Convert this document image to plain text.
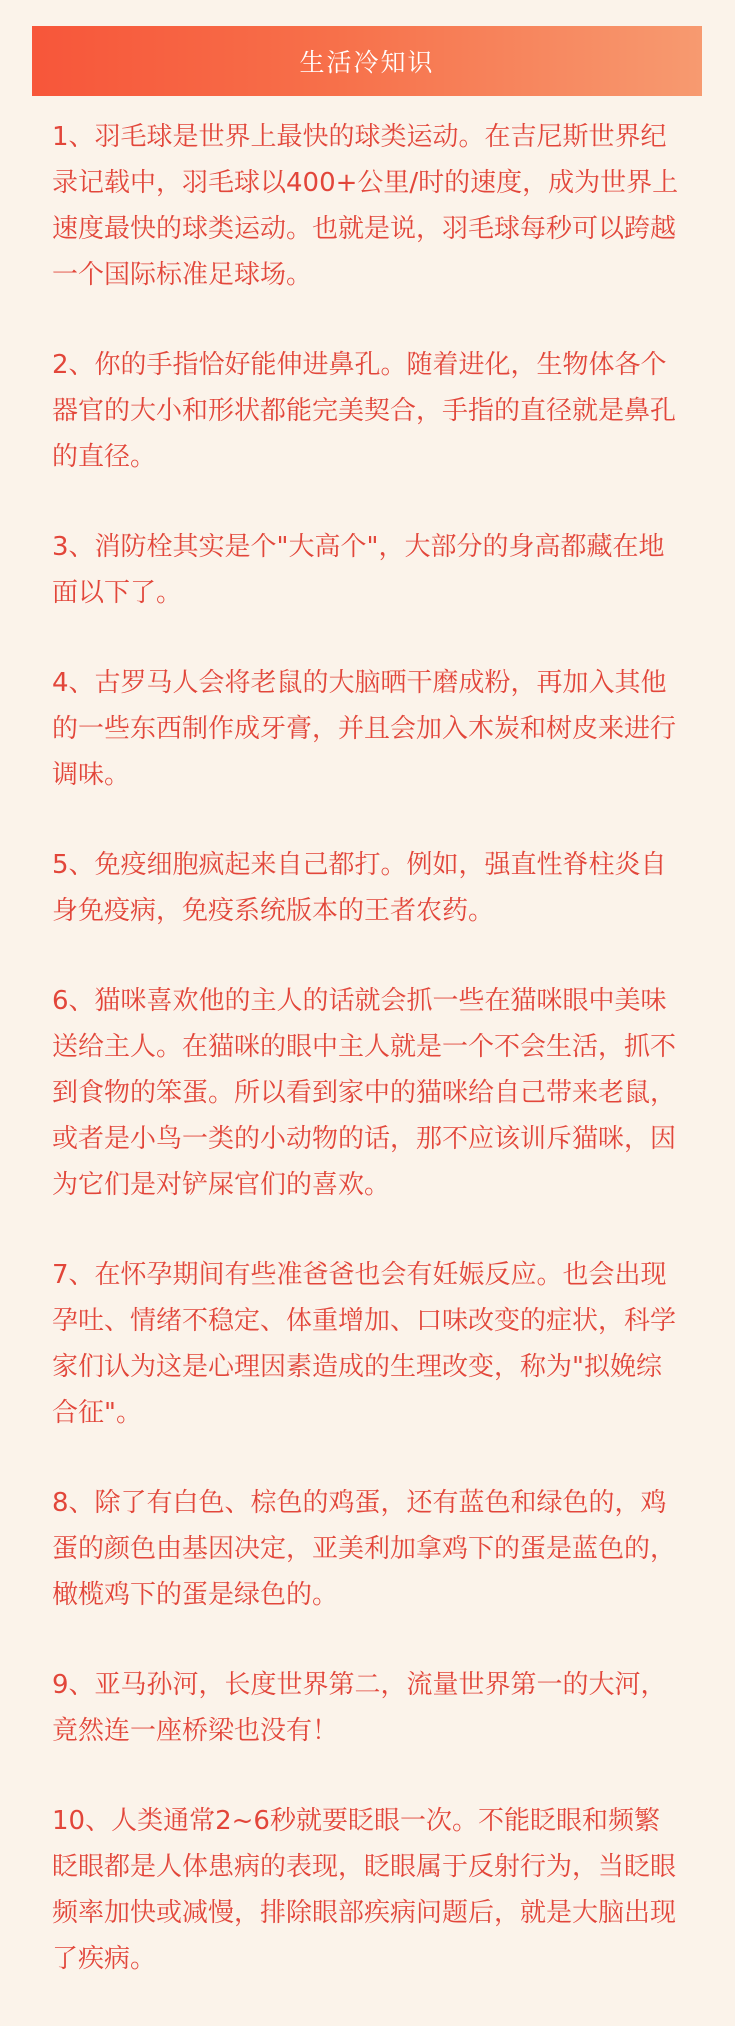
生活冷知识

1、羽毛球是世界上最快的球类运动。在吉尼斯世界纪录记载中，羽毛球以400+公里/时的速度，成为世界上速度最快的球类运动。也就是说，羽毛球每秒可以跨越一个国际标准足球场。

2、你的手指恰好能伸进鼻孔。随着进化，生物体各个器官的大小和形状都能完美契合，手指的直径就是鼻孔的直径。

3、消防栓其实是个"大高个"，大部分的身高都藏在地面以下了。

4、古罗马人会将老鼠的大脑晒干磨成粉，再加入其他的一些东西制作成牙膏，并且会加入木炭和树皮来进行调味。

5、免疫细胞疯起来自己都打。例如，强直性脊柱炎自身免疫病，免疫系统版本的王者农药。

6、猫咪喜欢他的主人的话就会抓一些在猫咪眼中美味送给主人。在猫咪的眼中主人就是一个不会生活，抓不到食物的笨蛋。所以看到家中的猫咪给自己带来老鼠，或者是小鸟一类的小动物的话，那不应该训斥猫咪，因为它们是对铲屎官们的喜欢。

7、在怀孕期间有些准爸爸也会有妊娠反应。也会出现孕吐、情绪不稳定、体重增加、口味改变的症状，科学家们认为这是心理因素造成的生理改变，称为"拟娩综合征"。

8、除了有白色、棕色的鸡蛋，还有蓝色和绿色的，鸡蛋的颜色由基因决定，亚美利加拿鸡下的蛋是蓝色的，橄榄鸡下的蛋是绿色的。

9、亚马孙河，长度世界第二，流量世界第一的大河，竟然连一座桥梁也没有！

10、人类通常2~6秒就要眨眼一次。不能眨眼和频繁眨眼都是人体患病的表现，眨眼属于反射行为，当眨眼频率加快或减慢，排除眼部疾病问题后，就是大脑出现了疾病。
